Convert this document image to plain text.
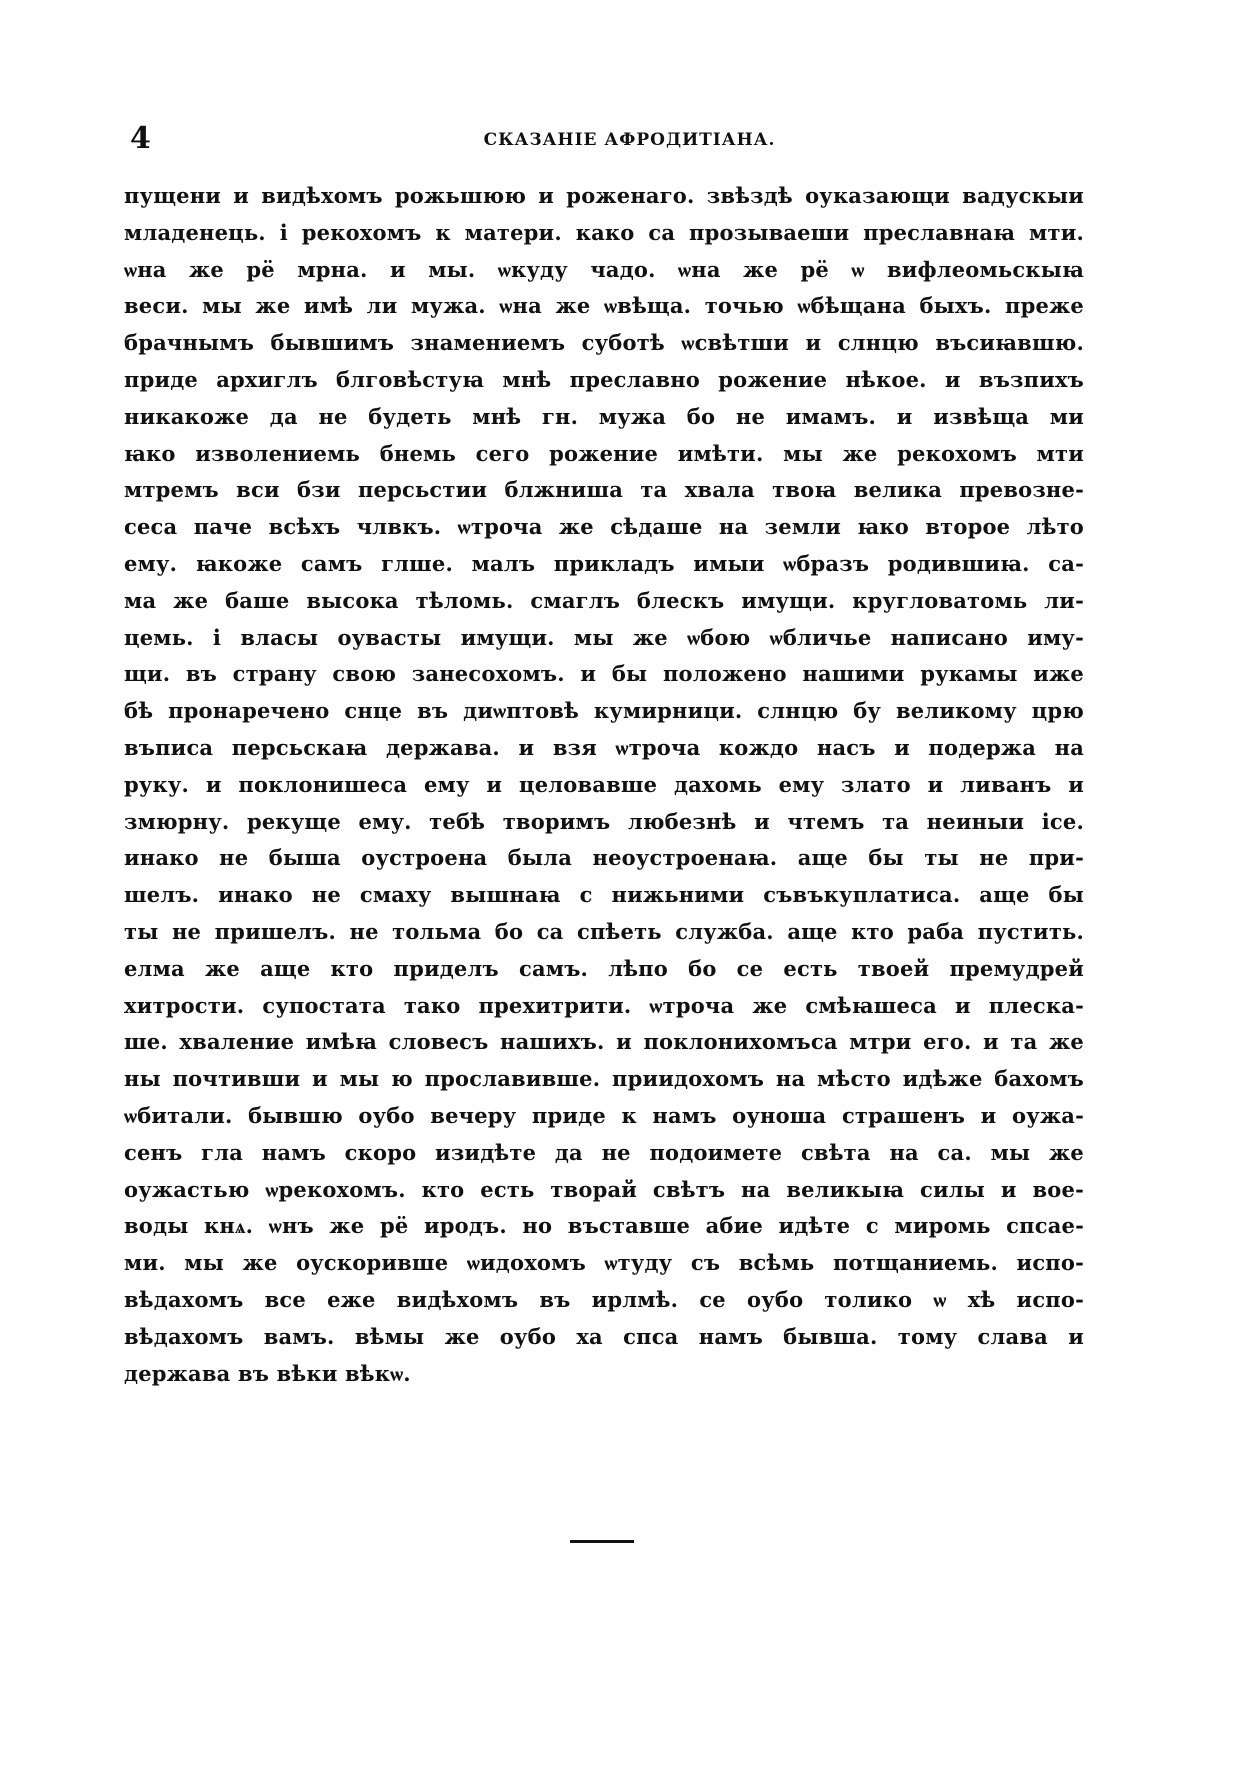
4	СКАЗАНІЕ АФРОДИТІАНА.
пущени и видѣхомъ рожьшюю и роженаго. звѣздѣ оуказающи вадускыи
младенець. і рекохомъ к матери. како са прозываеши преславнаꙗ мти.
ѡна же рё мрна. и мы. ѡкуду чадо. ѡна же рё ѡ вифлеомьскыꙗ
веси. мы же имѣ ли мужа. ѡна же ѡвѣща. точью ѡбѣщана быхъ. преже
брачнымъ бывшимъ знамениемъ суботѣ ѡсвѣтши и слнцю въсиꙗвшю.
приде архиглъ блговѣстуꙗ мнѣ преславно рожение нѣкое. и възпихъ
никакоже да не будеть мнѣ гн. мужа бо не имамъ. и извѣща ми
ꙗко изволениемь бнемь сего рожение имѣти. мы же рекохомъ мти
мтремъ вси бзи персьстии блжниша та хвала твоꙗ велика превозне-
сеса паче всѣхъ члвкъ. ѡтроча же сѣдаше на земли ꙗко второе лѣто
ему. ꙗкоже самъ глше. малъ прикладъ имыи ѡбразъ родившиꙗ. са-
ма же баше высока тѣломь. смаглъ блескъ имущи. кругловатомь ли-
цемь. і власы оувасты имущи. мы же ѡбою ѡбличье написано иму-
щи. въ страну свою занесохомъ. и бы положено нашими рукамы иже
бѣ пронаречено снце въ диѡптовѣ кумирници. слнцю бу великому црю
въписа персьскаꙗ держава. и взя ѡтроча кождо насъ и подержа на
руку. и поклонишеса ему и целовавше дахомь ему злато и ливанъ и
змюрну. рекуще ему. тебѣ творимъ любезнѣ и чтемъ та неиныи ісе.
инако не быша оустроена была неоустроенаꙗ. аще бы ты не при-
шелъ. инако не смаху вышнаꙗ с нижьними съвъкуплатиса. аще бы
ты не пришелъ. не тольма бо са спѣеть служба. аще кто раба пустить.
елма же аще кто приделъ самъ. лѣпо бо се есть твоей премудрей
хитрости. супостата тако прехитрити. ѡтроча же смѣꙗшеса и плеска-
ше. хваление имѣꙗ словесъ нашихъ. и поклонихомъса мтри его. и та же
ны почтивши и мы ю прославивше. приидохомъ на мѣсто идѣже бахомъ
ѡбитали. бывшю оубо вечеру приде к намъ оуноша страшенъ и оужа-
сенъ гла намъ скоро изидѣте да не подоимете свѣта на са. мы же
оужастью ѡрекохомъ. кто есть творай свѣтъ на великыꙗ силы и вое-
воды кнѧ. ѡнъ же рё иродъ. но въставше абие идѣте с миромь спсае-
ми. мы же оускоривше ѡидохомъ ѡтуду съ всѣмь потщаниемь. испо-
вѣдахомъ все еже видѣхомъ въ ирлмѣ. се оубо толико ѡ хѣ испо-
вѣдахомъ вамъ. вѣмы же оубо ха спса намъ бывша. тому слава и
держава въ вѣки вѣкѡ.
